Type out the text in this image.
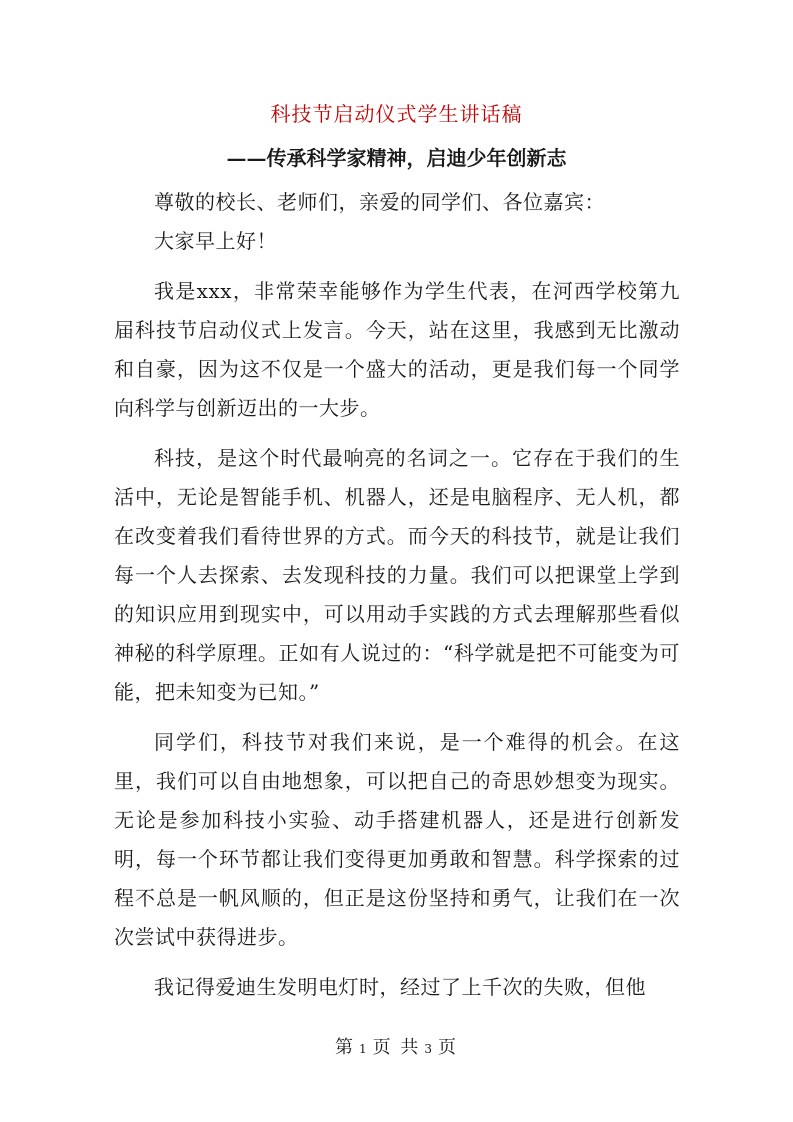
科技节启动仪式学生讲话稿
——传承科学家精神，启迪少年创新志

尊敬的校长、老师们，亲爱的同学们、各位嘉宾：

大家早上好！

我是xxx，非常荣幸能够作为学生代表，在河西学校第九届科技节启动仪式上发言。今天，站在这里，我感到无比激动和自豪，因为这不仅是一个盛大的活动，更是我们每一个同学向科学与创新迈出的一大步。

科技，是这个时代最响亮的名词之一。它存在于我们的生活中，无论是智能手机、机器人，还是电脑程序、无人机，都在改变着我们看待世界的方式。而今天的科技节，就是让我们每一个人去探索、去发现科技的力量。我们可以把课堂上学到的知识应用到现实中，可以用动手实践的方式去理解那些看似神秘的科学原理。正如有人说过的：“科学就是把不可能变为可能，把未知变为已知。”

同学们，科技节对我们来说，是一个难得的机会。在这里，我们可以自由地想象，可以把自己的奇思妙想变为现实。无论是参加科技小实验、动手搭建机器人，还是进行创新发明，每一个环节都让我们变得更加勇敢和智慧。科学探索的过程不总是一帆风顺的，但正是这份坚持和勇气，让我们在一次次尝试中获得进步。

我记得爱迪生发明电灯时，经过了上千次的失败，但他

第 1 页 共 3 页
